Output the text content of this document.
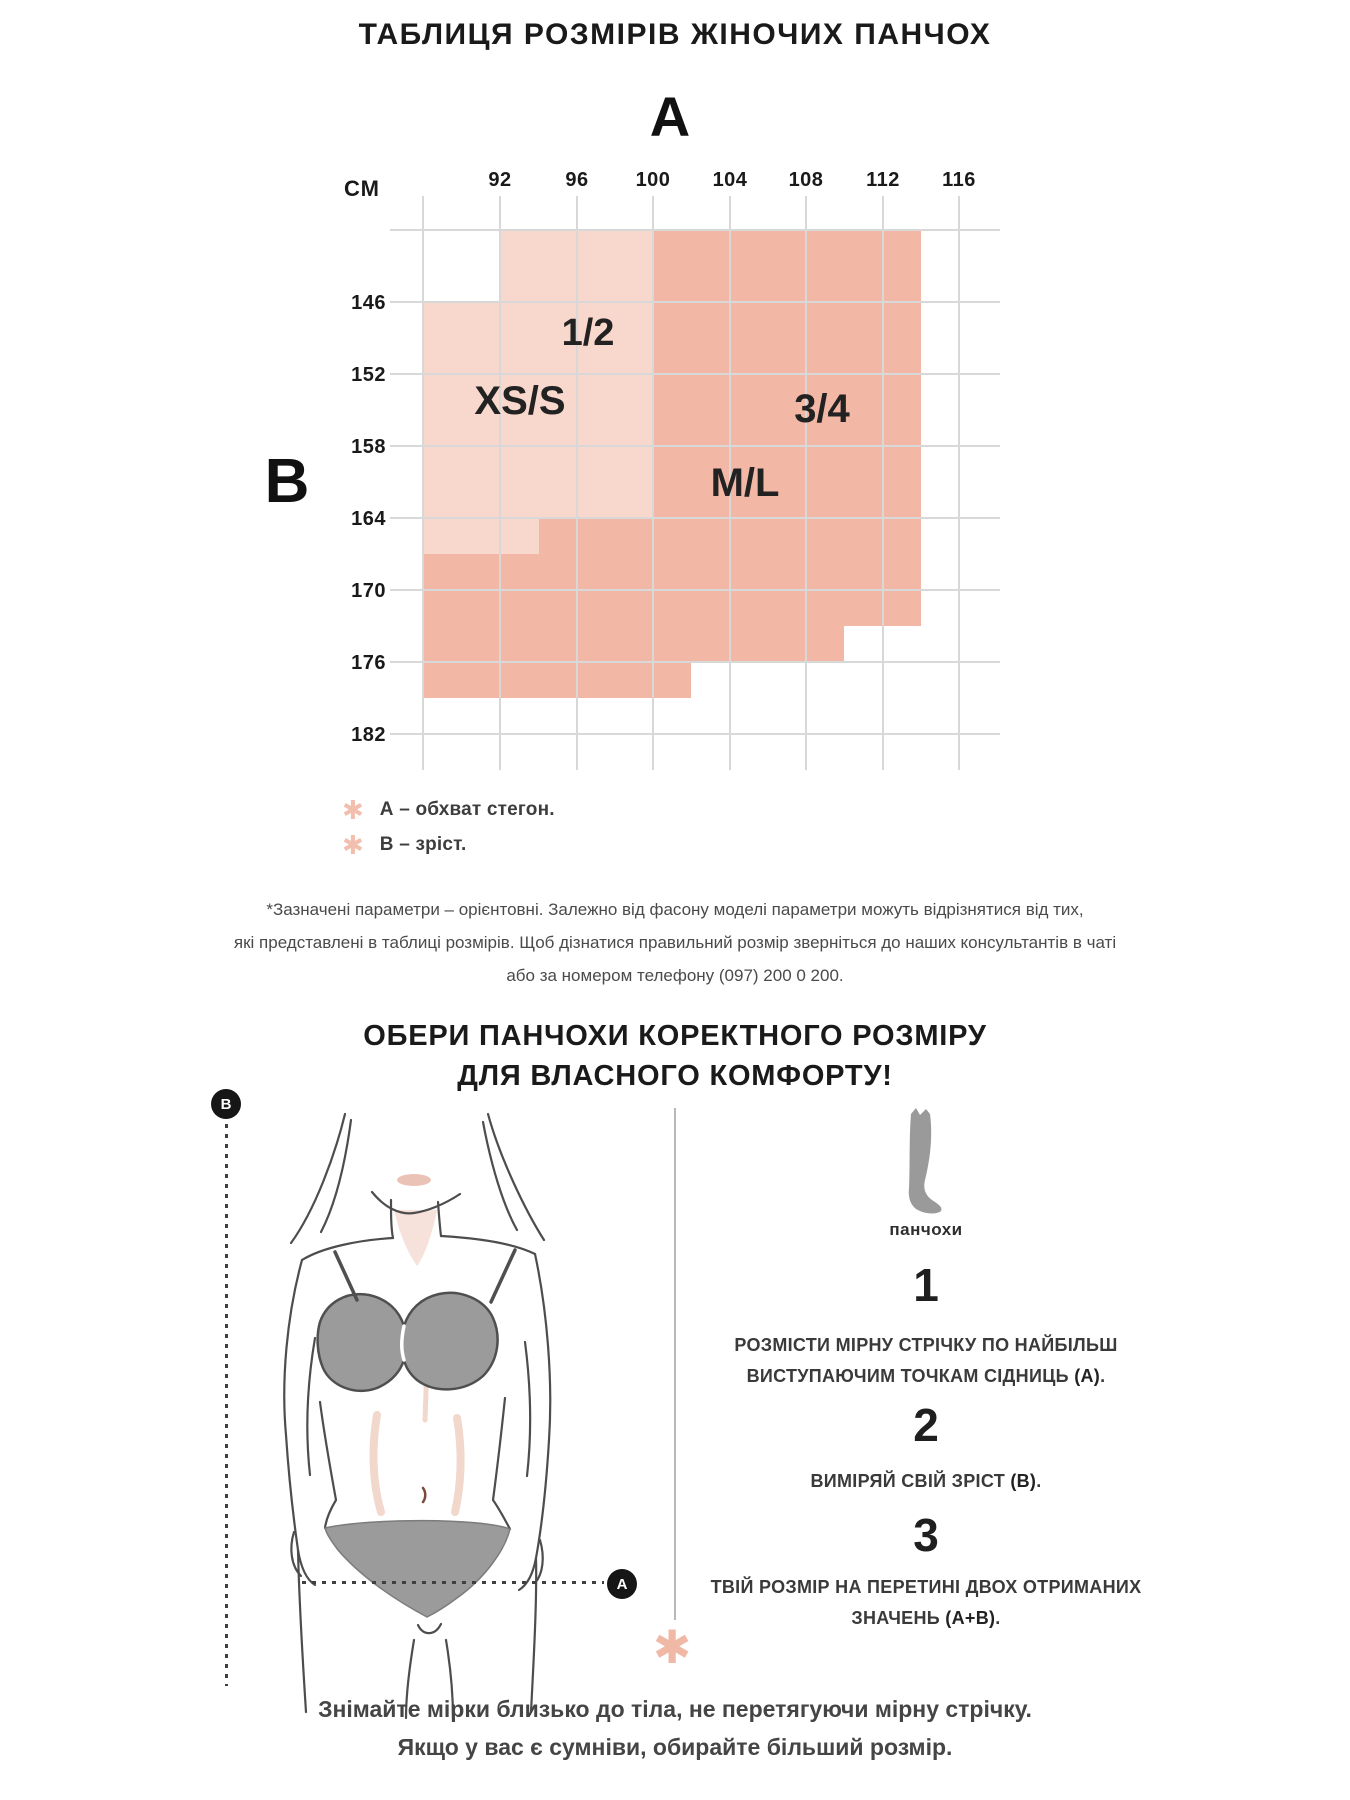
ТАБЛИЦЯ РОЗМІРІВ ЖІНОЧИХ ПАНЧОХ
А
В
СМ	92	96 100 104 108 112 116
146
152
158
164
170
176
182
1/2
XS/S	3/4
M/L
✱ А – обхват стегон.
✱ В – зріст.
*Зазначені параметри – орієнтовні. Залежно від фасону моделі параметри можуть відрізнятися від тих,
які представлені в таблиці розмірів. Щоб дізнатися правильний розмір зверніться до наших консультантів в чаті
або за номером телефону (097) 200 0 200.
ОБЕРИ ПАНЧОХИ КОРЕКТНОГО РОЗМІРУ
ДЛЯ ВЛАСНОГО КОМФОРТУ!
В
А
✱
панчохи
1
РОЗМІСТИ МІРНУ СТРІЧКУ ПО НАЙБІЛЬШ
ВИСТУПАЮЧИМ ТОЧКАМ СІДНИЦЬ (А).
2
ВИМІРЯЙ СВІЙ ЗРІСТ (В).
3
ТВІЙ РОЗМІР НА ПЕРЕТИНІ ДВОХ ОТРИМАНИХ
ЗНАЧЕНЬ (А+В).
Знімайте мірки близько до тіла, не перетягуючи мірну стрічку.
Якщо у вас є сумніви, обирайте більший розмір.
